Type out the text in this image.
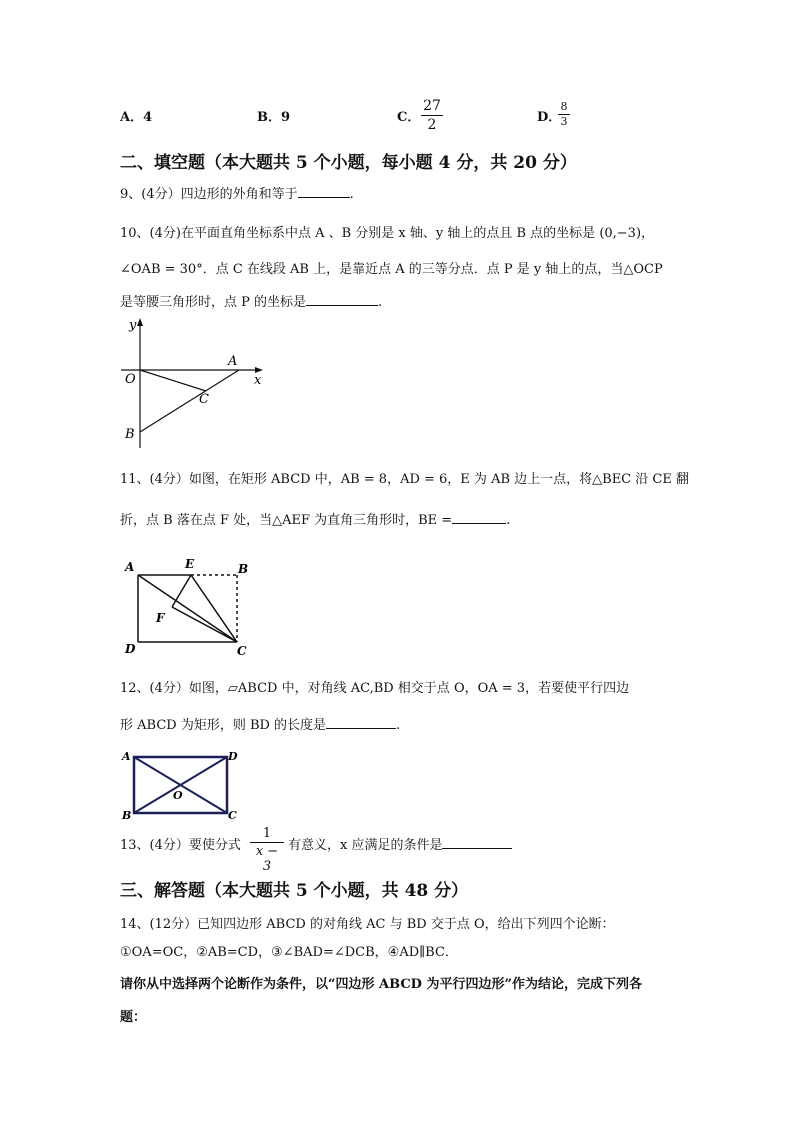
A．4	B．9	C．
27
2	D．
8
3
二、填空题（本大题共 5 个小题，每小题 4 分，共 20 分）
9、(4分）四边形的外角和等于	.
10、(4分)在平面直角坐标系中点 A 、B 分别是 x 轴、y 轴上的点且 B 点的坐标是 (0,−3)，
∠OAB = 30°．点 C 在线段 AB 上，是靠近点 A 的三等分点．点 P 是 y 轴上的点，当△OCP
是等腰三角形时，点 P 的坐标是	.
y
x
O
A
C
B
11、(4分）如图，在矩形 ABCD 中，AB = 8，AD = 6，E 为 AB 边上一点，将△BEC 沿 CE 翻
折，点 B 落在点 F 处，当△AEF 为直角三角形时，BE =	.
A	E	B
F
D	C
12、(4分）如图，▱ABCD 中，对角线 AC,BD 相交于点 O，OA = 3，若要使平行四边
形 ABCD 为矩形，则 BD 的长度是	.
A	D
O
B	C
13、(4分）要使分式
1
x − 3
有意义，x 应满足的条件是
三、解答题（本大题共 5 个小题，共 48 分）
14、(12分）已知四边形 ABCD 的对角线 AC 与 BD 交于点 O，给出下列四个论断：
①OA=OC，②AB=CD，③∠BAD=∠DCB，④AD∥BC．
请你从中选择两个论断作为条件，以“四边形 ABCD 为平行四边形”作为结论，完成下列各
题：
